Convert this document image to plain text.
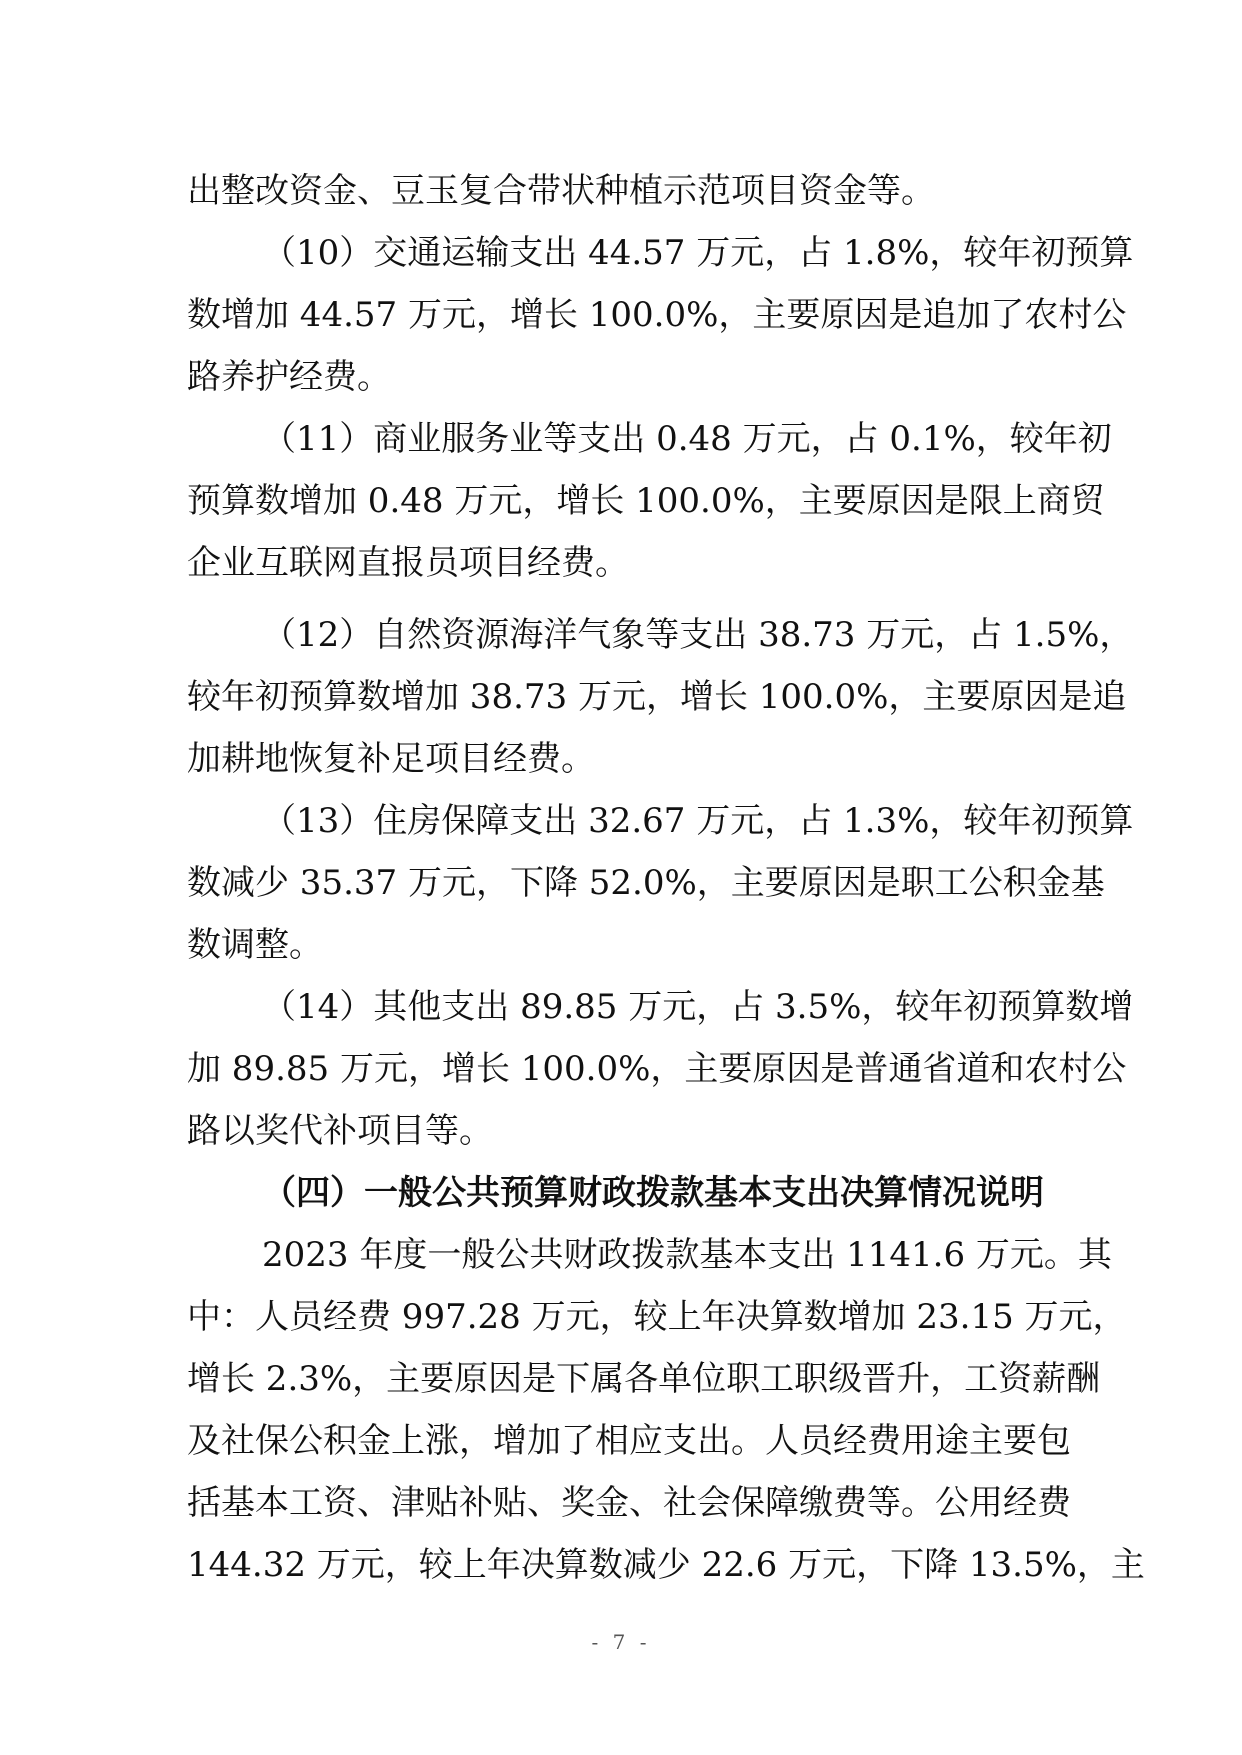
出整改资金、豆玉复合带状种植示范项目资金等。
（10）交通运输支出 44.57 万元，占 1.8%，较年初预算
数增加 44.57 万元，增长 100.0%，主要原因是追加了农村公
路养护经费。
（11）商业服务业等支出 0.48 万元，占 0.1%，较年初
预算数增加 0.48 万元，增长 100.0%，主要原因是限上商贸
企业互联网直报员项目经费。
（12）自然资源海洋气象等支出 38.73 万元，占 1.5%，
较年初预算数增加 38.73 万元，增长 100.0%，主要原因是追
加耕地恢复补足项目经费。
（13）住房保障支出 32.67 万元，占 1.3%，较年初预算
数减少 35.37 万元，下降 52.0%，主要原因是职工公积金基
数调整。
（14）其他支出 89.85 万元，占 3.5%，较年初预算数增
加 89.85 万元，增长 100.0%，主要原因是普通省道和农村公
路以奖代补项目等。
（四）一般公共预算财政拨款基本支出决算情况说明
2023 年度一般公共财政拨款基本支出 1141.6 万元。其
中：人员经费 997.28 万元，较上年决算数增加 23.15 万元，
增长 2.3%，主要原因是下属各单位职工职级晋升，工资薪酬
及社保公积金上涨，增加了相应支出。人员经费用途主要包
括基本工资、津贴补贴、奖金、社会保障缴费等。公用经费
144.32 万元，较上年决算数减少 22.6 万元，下降 13.5%，主
- 7 -
